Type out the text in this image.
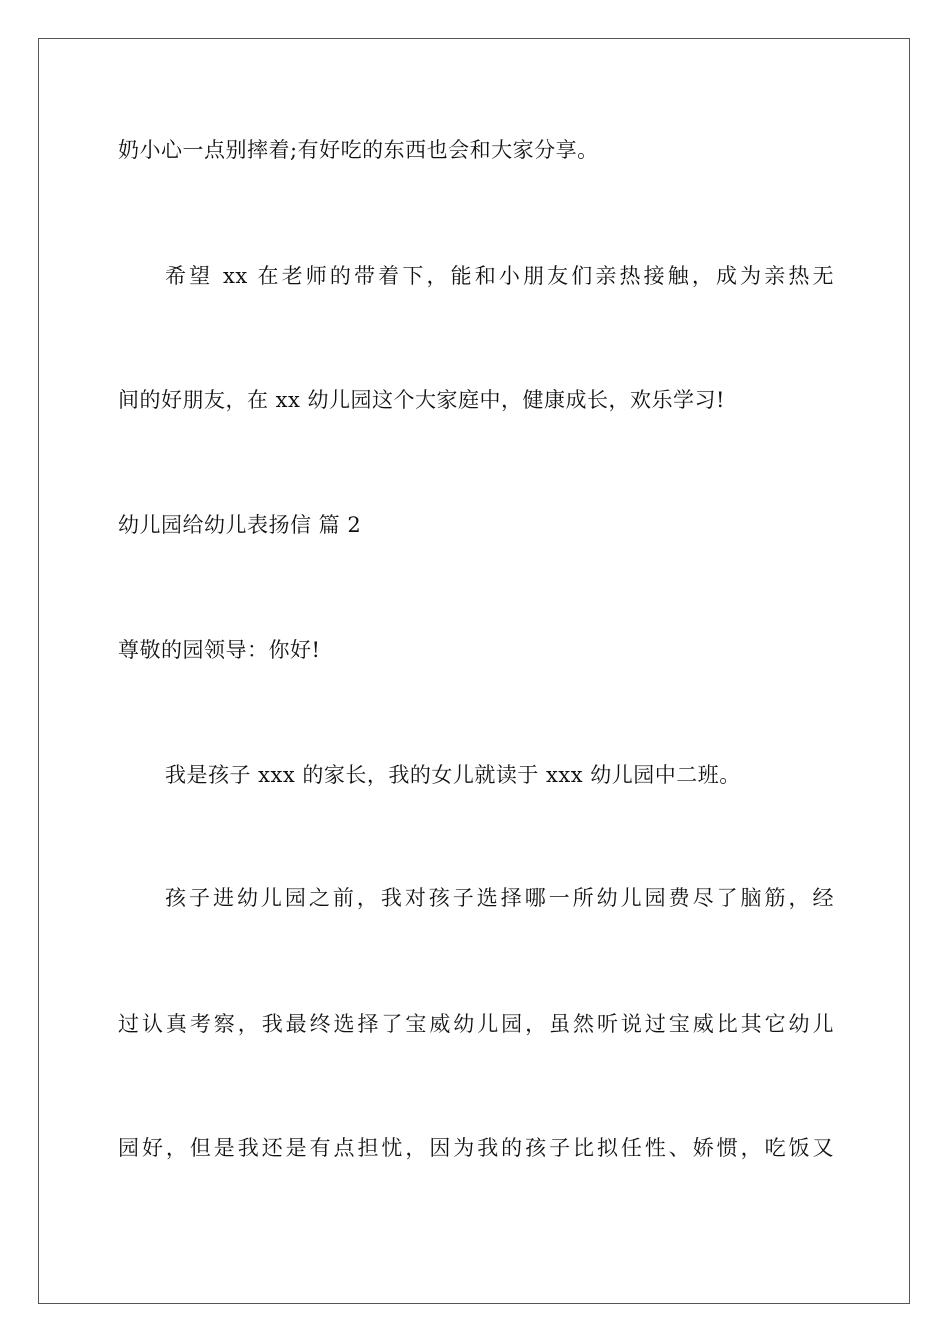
奶小心一点别摔着;有好吃的东西也会和大家分享。
希望 xx 在老师的带着下，能和小朋友们亲热接触，成为亲热无
间的好朋友，在 xx 幼儿园这个大家庭中，健康成长，欢乐学习!
幼儿园给幼儿表扬信 篇 2
尊敬的园领导：你好!
我是孩子 xxx 的家长，我的女儿就读于 xxx 幼儿园中二班。
孩子进幼儿园之前，我对孩子选择哪一所幼儿园费尽了脑筋，经
过认真考察，我最终选择了宝威幼儿园，虽然听说过宝威比其它幼儿
园好，但是我还是有点担忧，因为我的孩子比拟任性、娇惯，吃饭又
